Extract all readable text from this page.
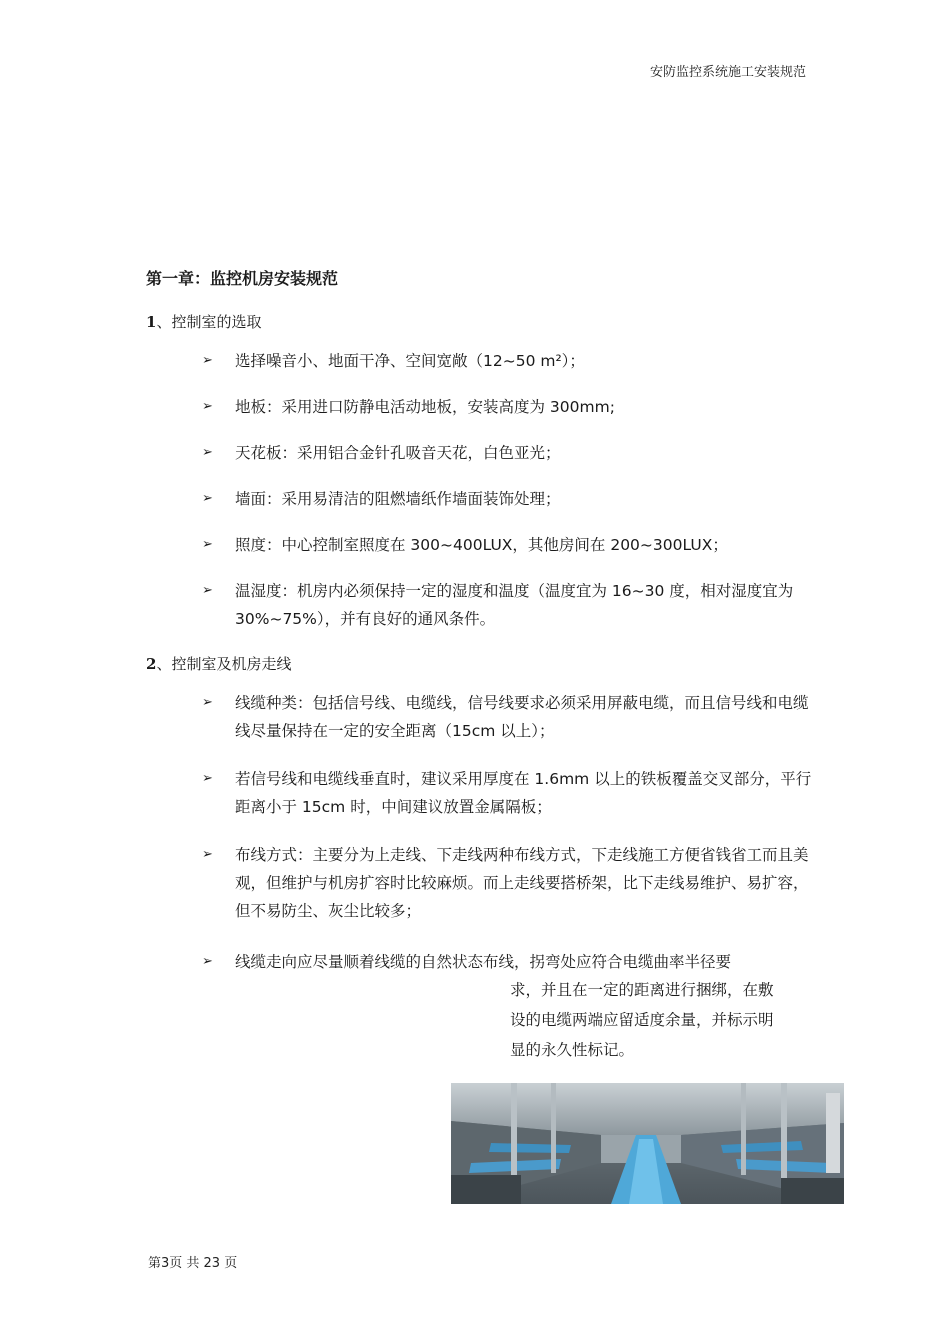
安防监控系统施工安装规范
第一章：监控机房安装规范
1、控制室的选取
➢ 选择噪音小、地面干净、空间宽敞（12~50 m²）；
➢ 地板：采用进口防静电活动地板，安装高度为 300mm;
➢ 天花板：采用铝合金针孔吸音天花，白色亚光；
➢ 墙面：采用易清洁的阻燃墙纸作墙面装饰处理；
➢ 照度：中心控制室照度在 300~400LUX，其他房间在 200~300LUX；
➢ 温湿度：机房内必须保持一定的湿度和温度（温度宜为 16~30 度，相对湿度宜为 30%~75%），并有良好的通风条件。
2、控制室及机房走线
➢ 线缆种类：包括信号线、电缆线，信号线要求必须采用屏蔽电缆，而且信号线和电缆线尽量保持在一定的安全距离（15cm 以上）；
➢ 若信号线和电缆线垂直时，建议采用厚度在 1.6mm 以上的铁板覆盖交叉部分，平行距离小于 15cm 时，中间建议放置金属隔板；
➢ 布线方式：主要分为上走线、下走线两种布线方式，下走线施工方便省钱省工而且美观，但维护与机房扩容时比较麻烦。而上走线要搭桥架，比下走线易维护、易扩容，但不易防尘、灰尘比较多；
➢ 线缆走向应尽量顺着线缆的自然状态布线，拐弯处应符合电缆曲率半径要
求，并且在一定的距离进行捆绑，在敷
设的电缆两端应留适度余量，并标示明
显的永久性标记。
第3页 共 23 页
